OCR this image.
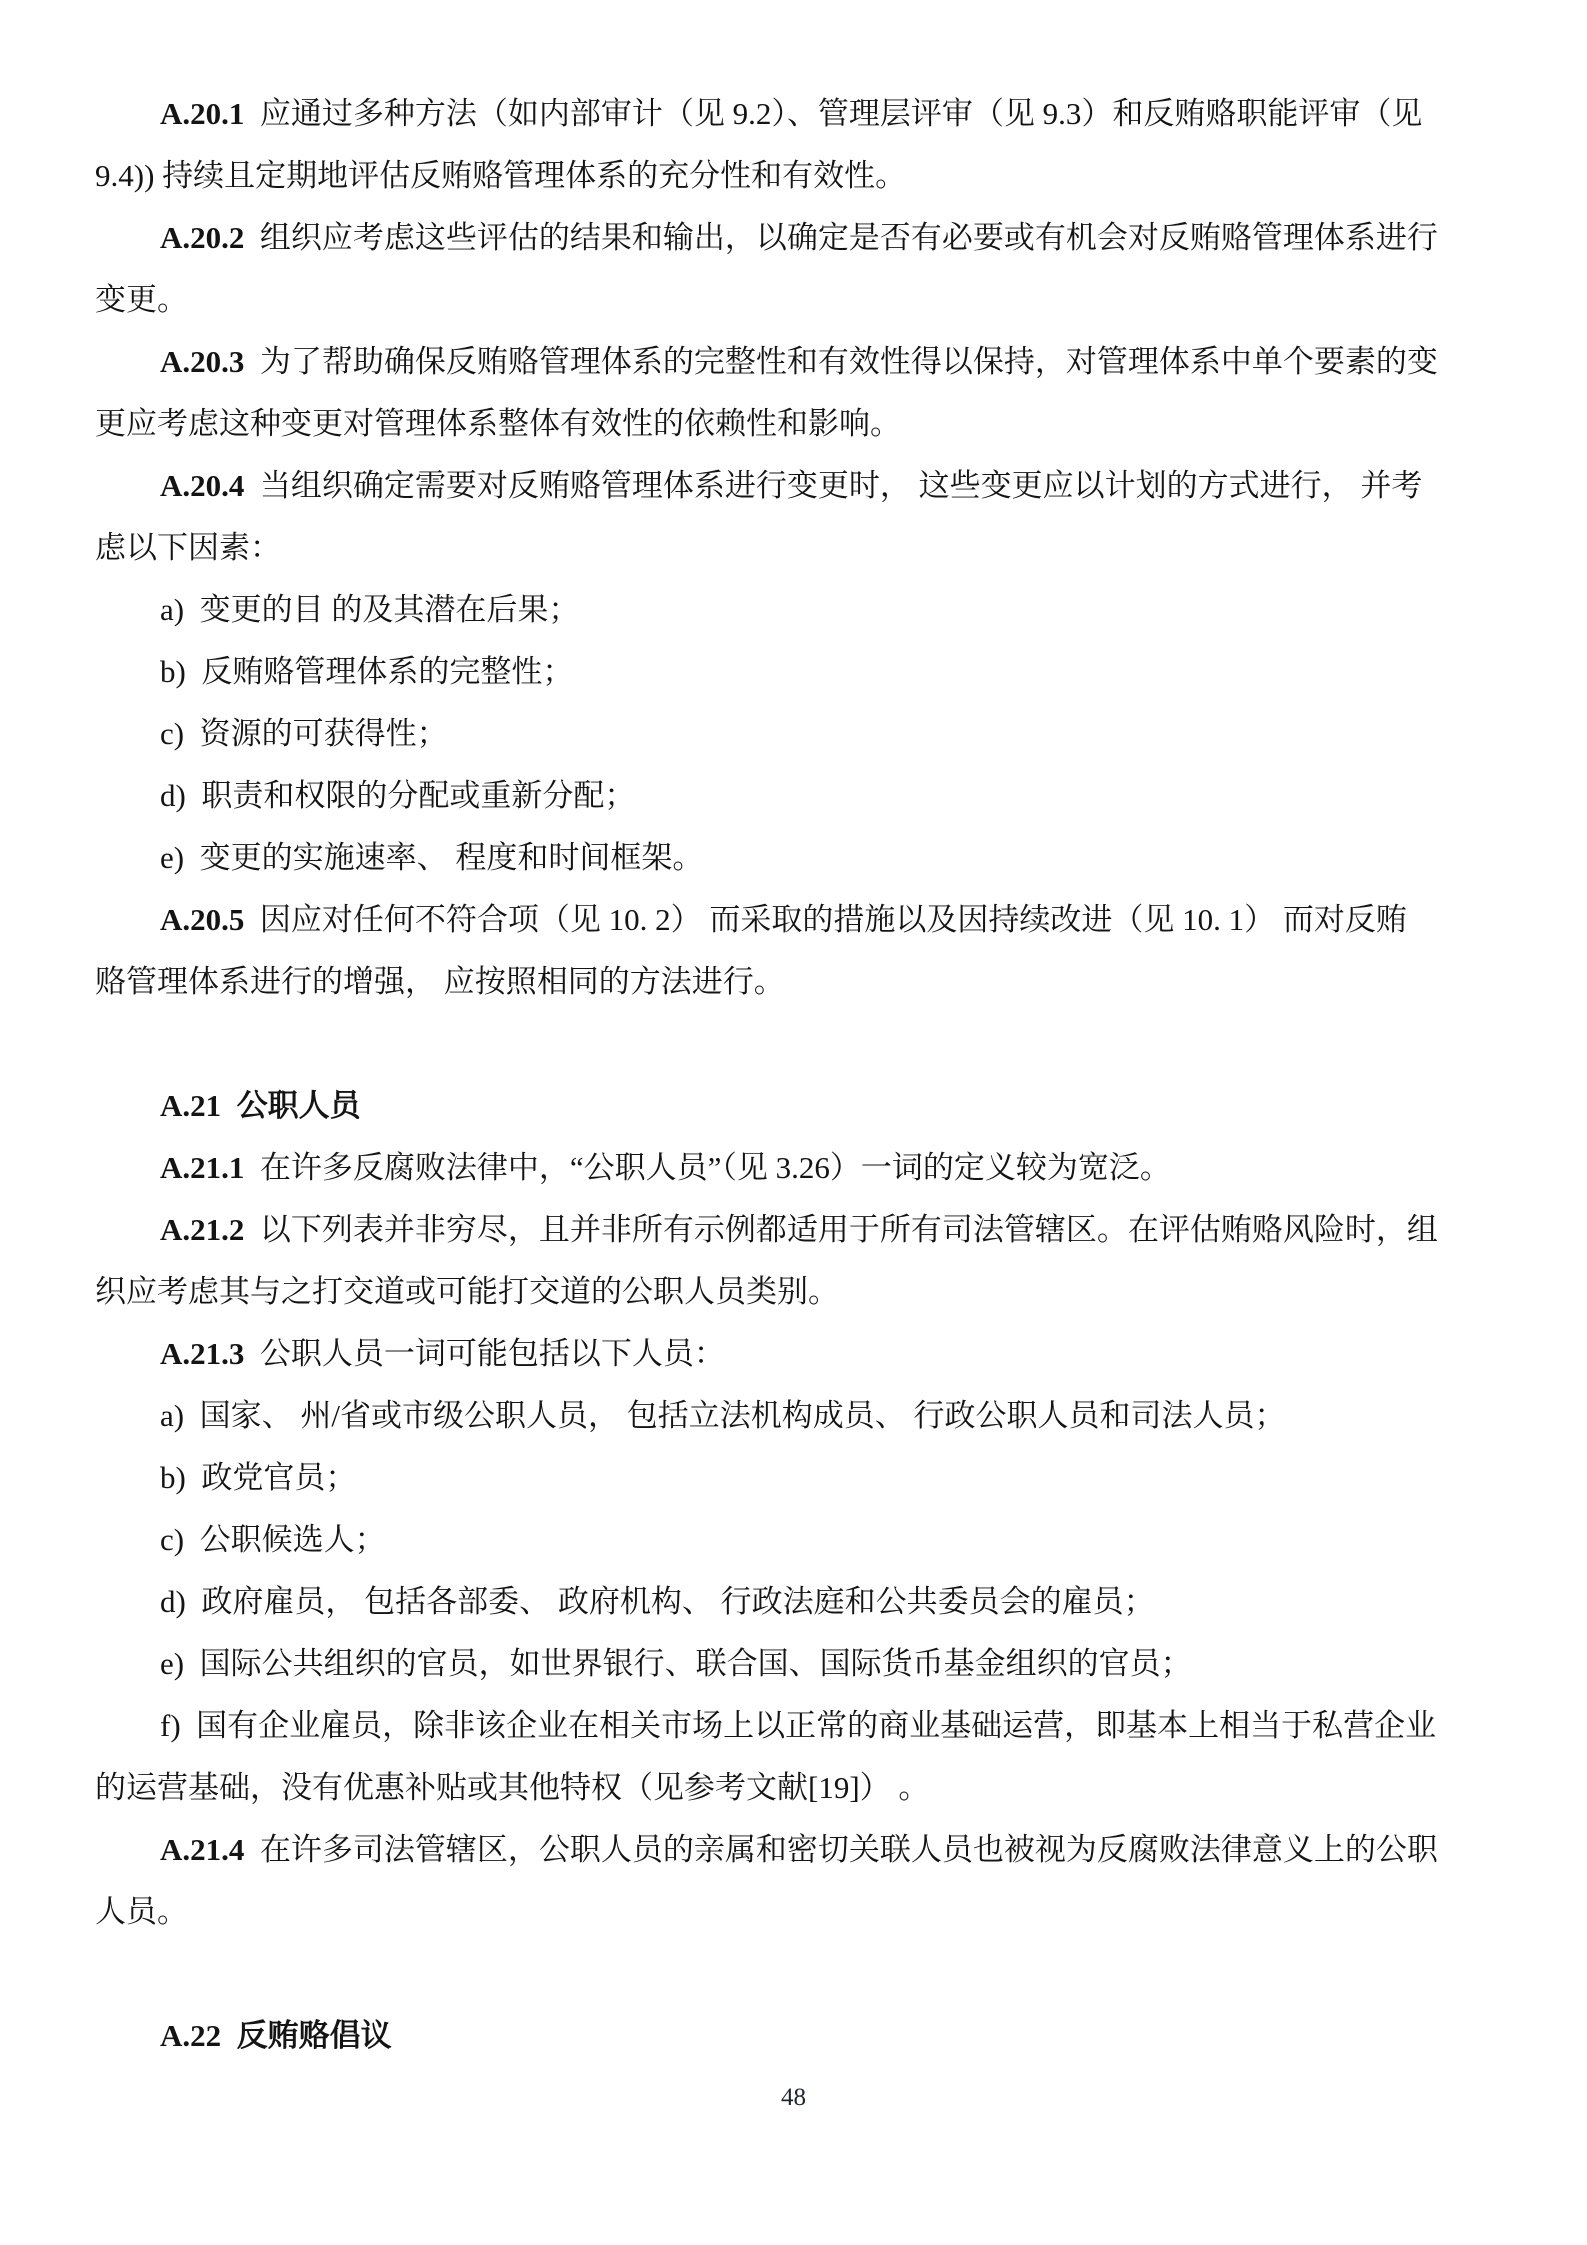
A.20.1  应通过多种方法（如内部审计（见 9.2）、管理层评审（见 9.3）和反贿赂职能评审（见
9.4)) 持续且定期地评估反贿赂管理体系的充分性和有效性。
A.20.2  组织应考虑这些评估的结果和输出，以确定是否有必要或有机会对反贿赂管理体系进行
变更。
A.20.3  为了帮助确保反贿赂管理体系的完整性和有效性得以保持，对管理体系中单个要素的变
更应考虑这种变更对管理体系整体有效性的依赖性和影响。
A.20.4  当组织确定需要对反贿赂管理体系进行变更时， 这些变更应以计划的方式进行， 并考
虑以下因素：
a)  变更的目 的及其潜在后果；
b)  反贿赂管理体系的完整性；
c)  资源的可获得性；
d)  职责和权限的分配或重新分配；
e)  变更的实施速率、 程度和时间框架。
A.20.5  因应对任何不符合项（见 10. 2） 而采取的措施以及因持续改进（见 10. 1） 而对反贿
赂管理体系进行的增强， 应按照相同的方法进行。
A.21  公职人员
A.21.1  在许多反腐败法律中，“公职人员”（见 3.26）一词的定义较为宽泛。
A.21.2  以下列表并非穷尽，且并非所有示例都适用于所有司法管辖区。在评估贿赂风险时，组
织应考虑其与之打交道或可能打交道的公职人员类别。
A.21.3  公职人员一词可能包括以下人员：
a)  国家、 州/省或市级公职人员， 包括立法机构成员、 行政公职人员和司法人员；
b)  政党官员；
c)  公职候选人；
d)  政府雇员， 包括各部委、 政府机构、 行政法庭和公共委员会的雇员；
e)  国际公共组织的官员，如世界银行、联合国、国际货币基金组织的官员；
f)  国有企业雇员，除非该企业在相关市场上以正常的商业基础运营，即基本上相当于私营企业
的运营基础，没有优惠补贴或其他特权（见参考文献[19]） 。
A.21.4  在许多司法管辖区，公职人员的亲属和密切关联人员也被视为反腐败法律意义上的公职
人员。
A.22  反贿赂倡议
48
